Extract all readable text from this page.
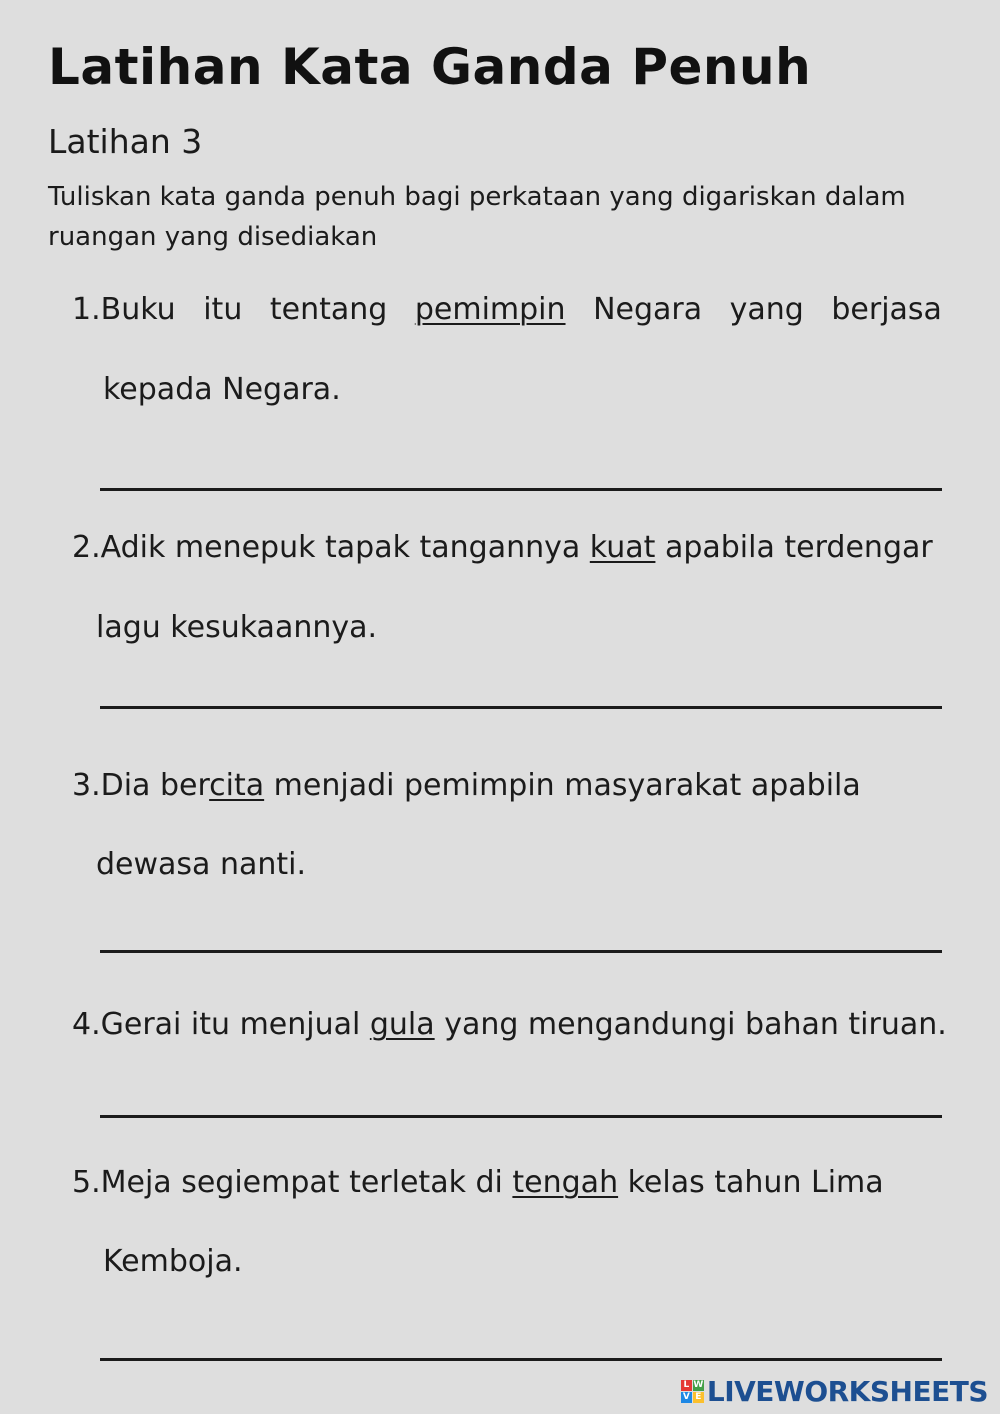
Latihan Kata Ganda Penuh
Latihan 3

Tuliskan kata ganda penuh bagi perkataan yang digariskan dalam ruangan yang disediakan

1.Buku itu tentang pemimpin Negara yang berjasa
kepada Negara.
2.Adik menepuk tapak tangannya kuat apabila terdengar
lagu kesukaannya.
3.Dia bercita menjadi pemimpin masyarakat apabila
dewasa nanti.
4.Gerai itu menjual gula yang mengandungi bahan tiruan.
5.Meja segiempat terletak di tengah kelas tahun Lima
Kemboja.
L W
V E LIVEWORKSHEETS
